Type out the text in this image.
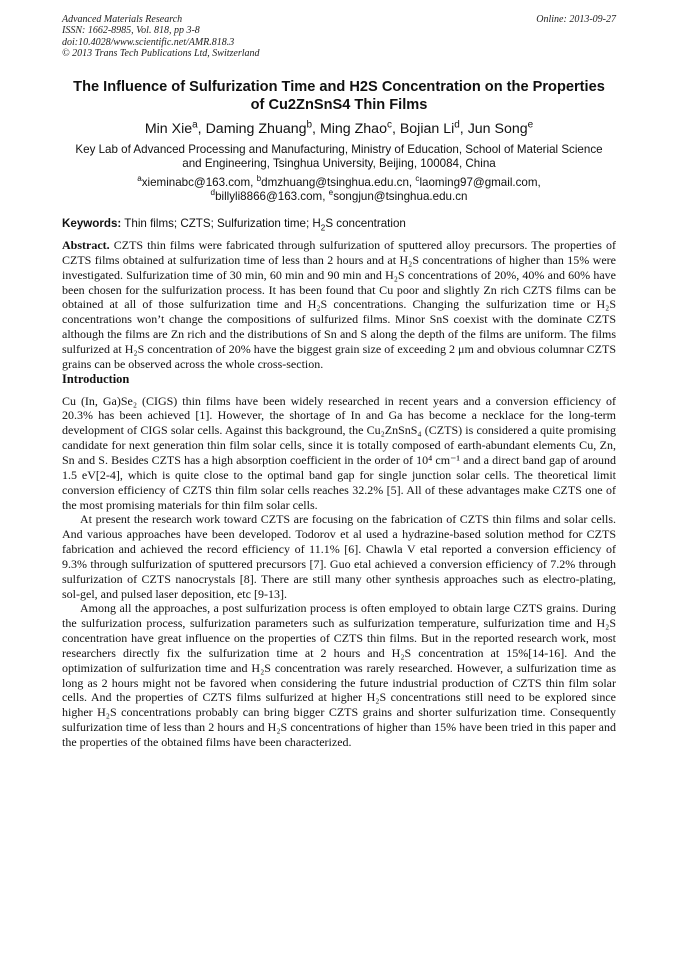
Advanced Materials Research
ISSN: 1662-8985, Vol. 818, pp 3-8
doi:10.4028/www.scientific.net/AMR.818.3
© 2013 Trans Tech Publications Ltd, Switzerland
Online: 2013-09-27
The Influence of Sulfurization Time and H2S Concentration on the Properties of Cu2ZnSnS4 Thin Films
Min Xie$^a$, Daming Zhuang$^b$, Ming Zhao$^c$, Bojian Li$^d$, Jun Song$^e$
Key Lab of Advanced Processing and Manufacturing, Ministry of Education, School of Material Science and Engineering, Tsinghua University, Beijing, 100084, China
$^a$xieminabc@163.com, $^b$dmzhuang@tsinghua.edu.cn, $^c$laoming97@gmail.com,
$^d$billyli8866@163.com, $^e$songjun@tsinghua.edu.cn
Keywords: Thin films; CZTS; Sulfurization time; $H_2S$ concentration

Abstract. CZTS thin films were fabricated through sulfurization of sputtered alloy precursors. The properties of CZTS films obtained at sulfurization time of less than 2 hours and at H₂S concentrations of higher than 15% were investigated. Sulfurization time of 30 min, 60 min and 90 min and H₂S concentrations of 20%, 40% and 60% have been chosen for the sulfurization process. It has been found that Cu poor and slightly Zn rich CZTS films can be obtained at all of those sulfurization time and H₂S concentrations. Changing the sulfurization time or H₂S concentrations won’t change the compositions of sulfurized films. Minor SnS coexist with the dominate CZTS although the films are Zn rich and the distributions of Sn and S along the depth of the films are uniform. The films sulfurized at H₂S concentration of 20% have the biggest grain size of exceeding 2 μm and obvious columnar CZTS grains can be observed across the whole cross-section.

Introduction

Cu (In, Ga)Se₂ (CIGS) thin films have been widely researched in recent years and a conversion efficiency of 20.3% has been achieved [1]. However, the shortage of In and Ga has become a necklace for the long-term development of CIGS solar cells. Against this background, the Cu₂ZnSnS₄ (CZTS) is considered a quite promising candidate for next generation thin film solar cells, since it is totally composed of earth-abundant elements Cu, Zn, Sn and S. Besides CZTS has a high absorption coefficient in the order of 10⁴ cm⁻¹ and a direct band gap of around 1.5 eV[2-4], which is quite close to the optimal band gap for single junction solar cells. The theoretical limit conversion efficiency of CZTS thin film solar cells reaches 32.2% [5]. All of these advantages make CZTS one of the most promising materials for thin film solar cells.

At present the research work toward CZTS are focusing on the fabrication of CZTS thin films and solar cells. And various approaches have been developed. Todorov et al used a hydrazine-based solution method for CZTS fabrication and achieved the record efficiency of 11.1% [6]. Chawla V etal reported a conversion efficiency of 9.3% through sulfurization of sputtered precursors [7]. Guo etal achieved a conversion efficiency of 7.2% through sulfurization of CZTS nanocrystals [8]. There are still many other synthesis approaches such as electro-plating, sol-gel, and pulsed laser deposition, etc [9-13].

Among all the approaches, a post sulfurization process is often employed to obtain large CZTS grains. During the sulfurization process, sulfurization parameters such as sulfurization temperature, sulfurization time and H₂S concentration have great influence on the properties of CZTS thin films. But in the reported research work, most researchers directly fix the sulfurization time at 2 hours and H₂S concentration at 15%[14-16]. And the optimization of sulfurization time and H₂S concentration was rarely researched. However, a sulfurization time as long as 2 hours might not be favored when considering the future industrial production of CZTS thin film solar cells. And the properties of CZTS films sulfurized at higher H₂S concentrations still need to be explored since higher H₂S concentrations probably can bring bigger CZTS grains and shorter sulfurization time. Consequently sulfurization time of less than 2 hours and H₂S concentrations of higher than 15% have been tried in this paper and the properties of the obtained films have been characterized.
